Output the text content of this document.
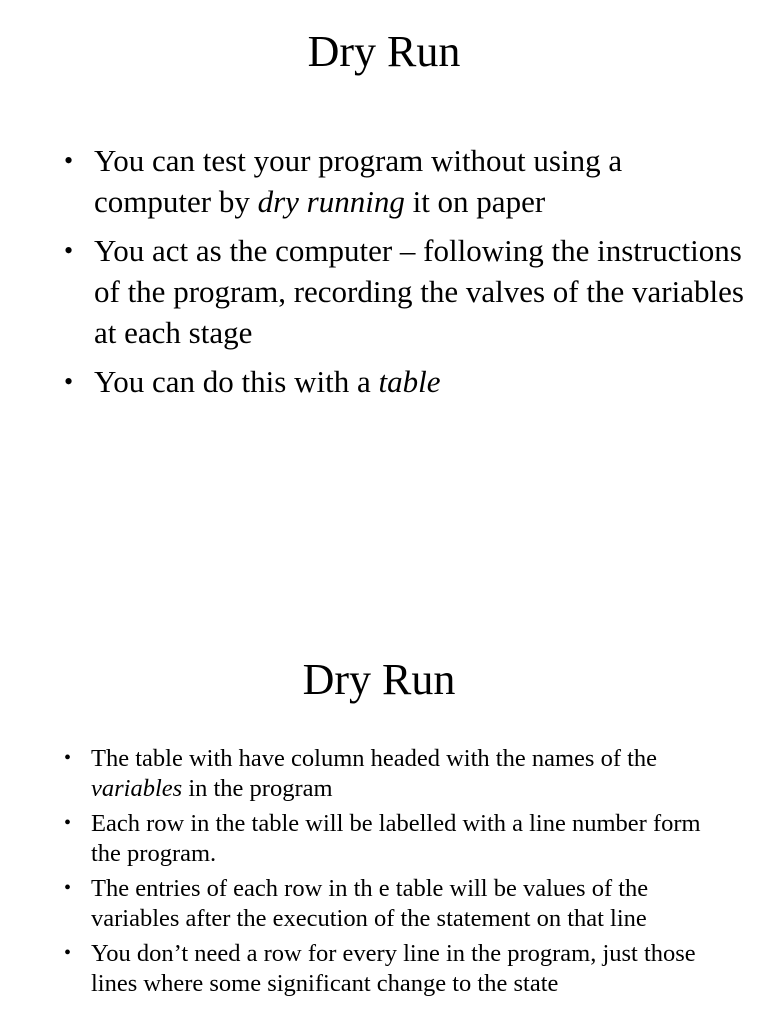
Dry Run
• You can test your program without using a computer by dry running it on paper
• You act as the computer – following the instructions of the program, recording the valves of the variables at each stage
• You can do this with a table
Dry Run
• The table with have column headed with the names of the variables in the program
• Each row in the table will be labelled with a line number form the program.
• The entries of each row in th e table will be values of the variables after the execution of the statement on that line
• You don’t need a row for every line in the program, just those lines where some significant change to the state
